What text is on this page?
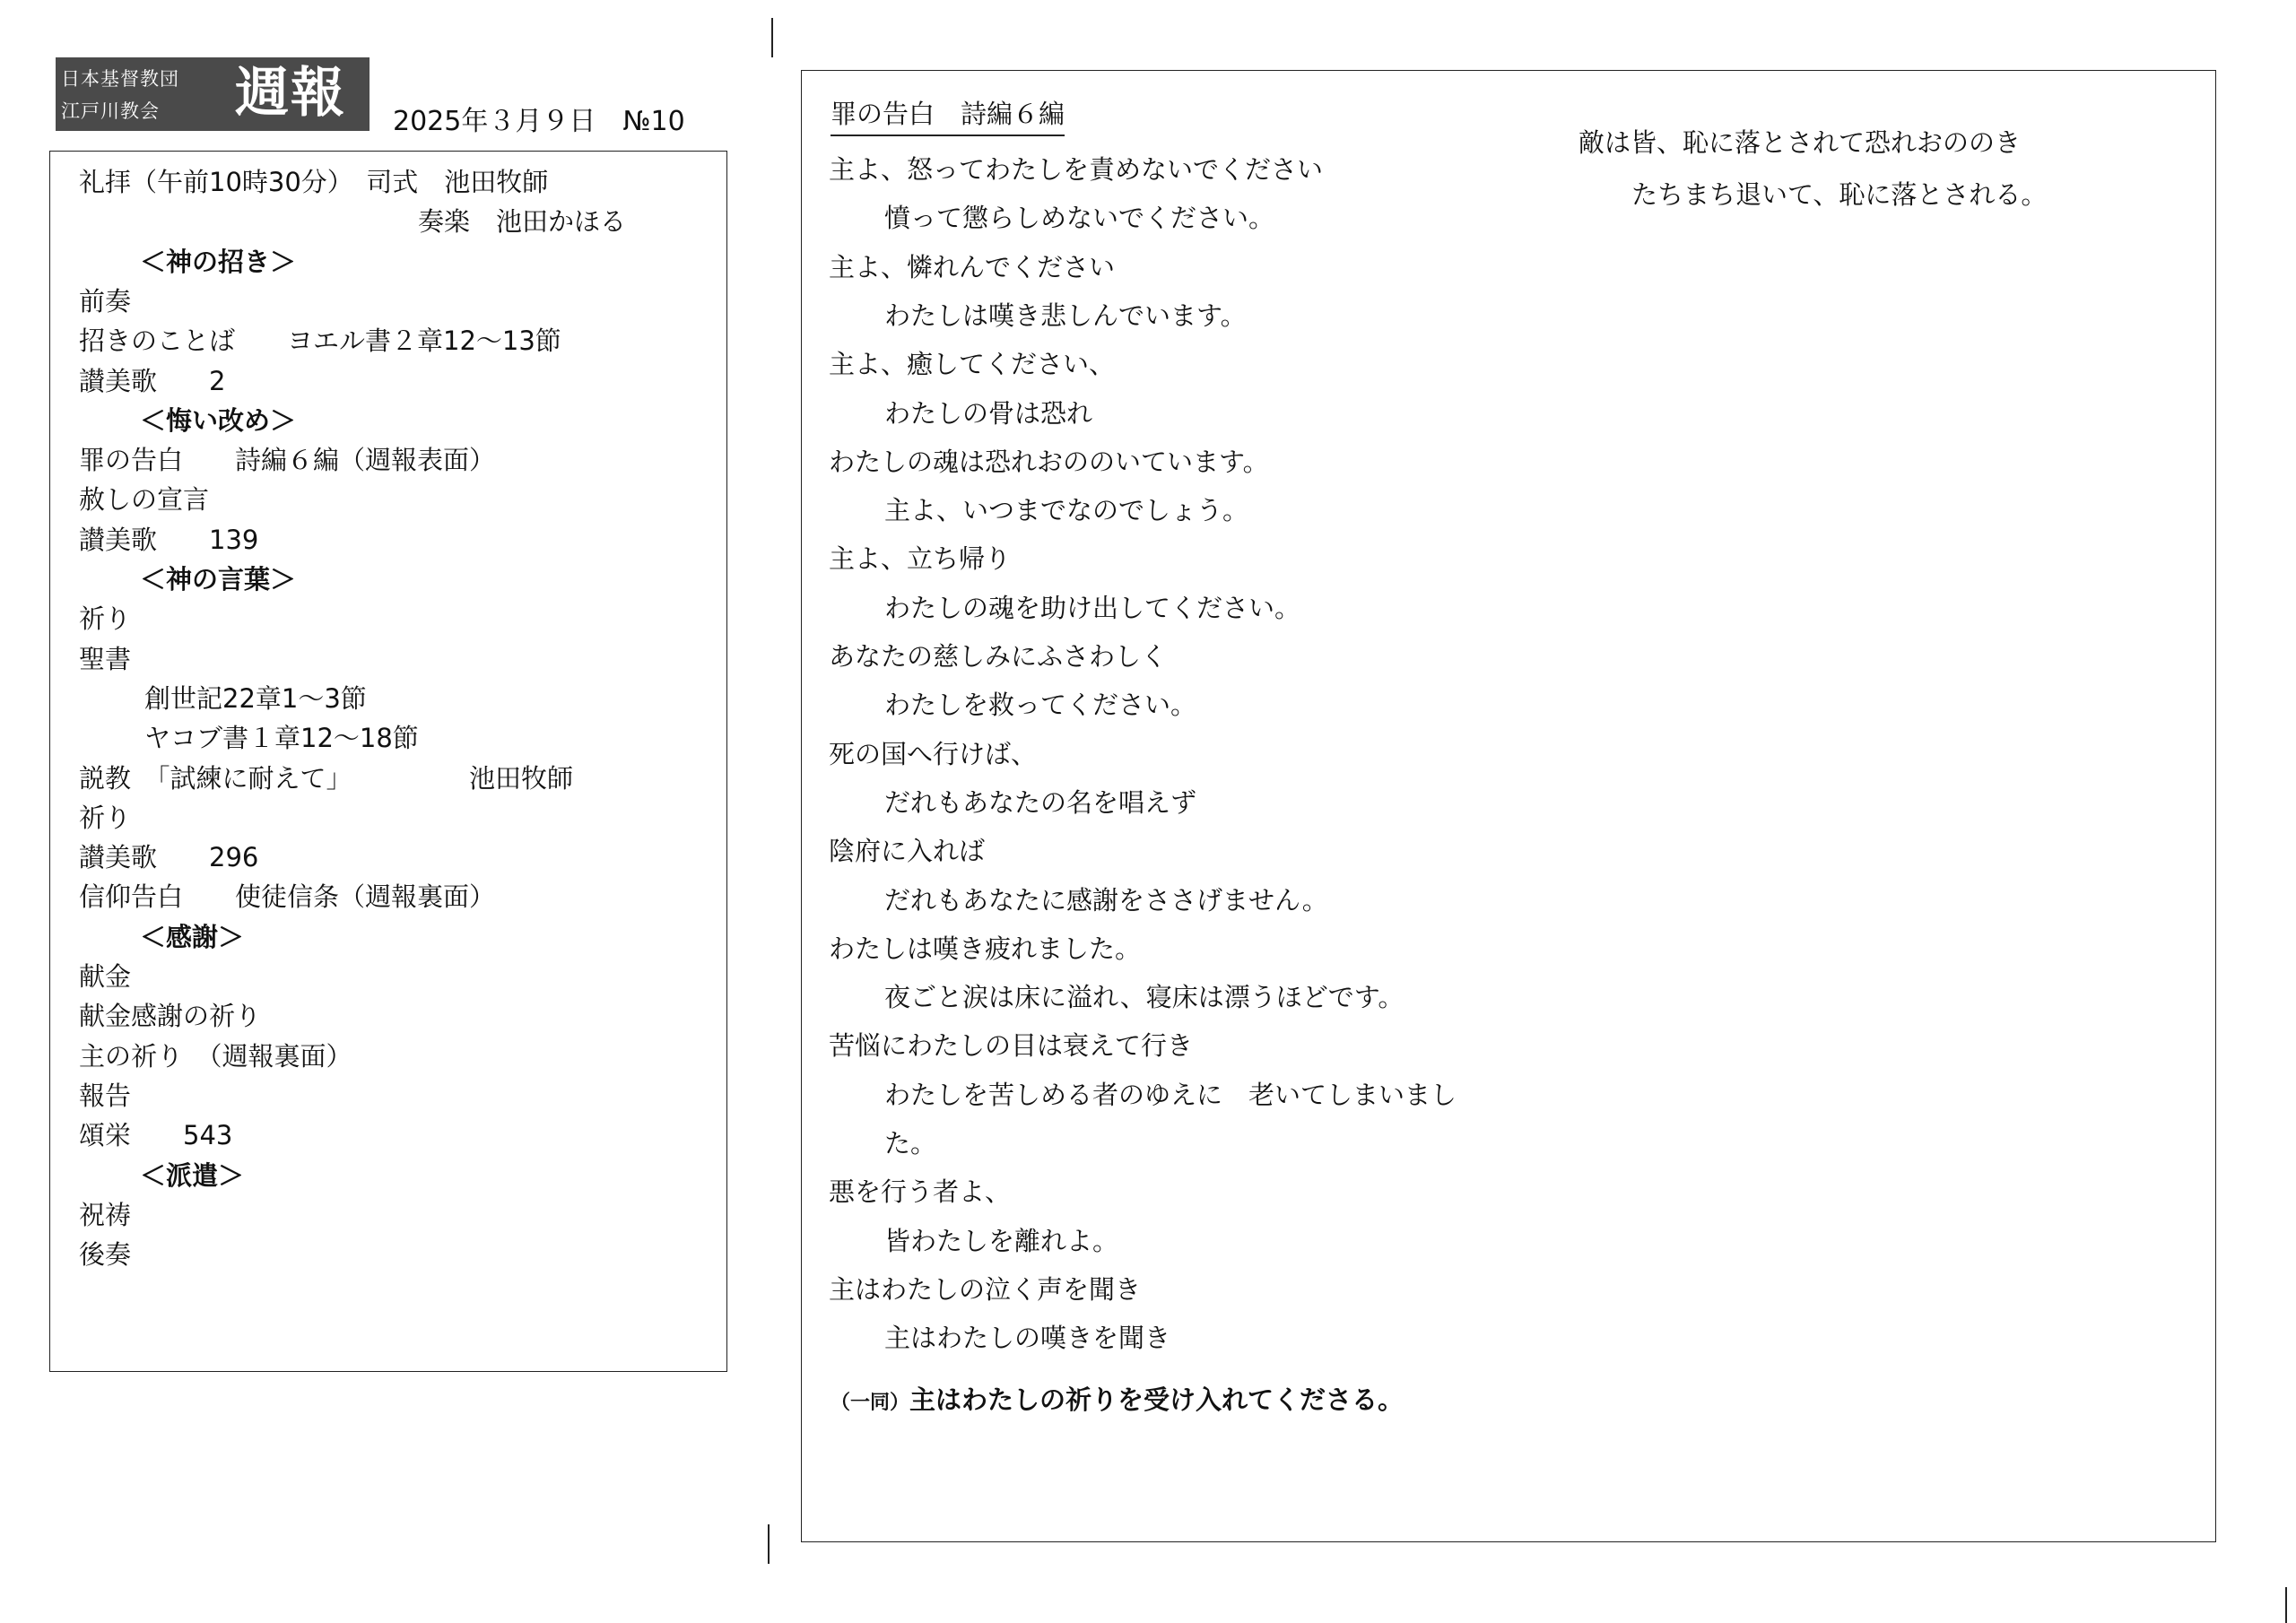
日本基督教団
江戸川教会 週報 2025年３月９日　 №10
礼拝（午前10時30分）　司式　池田牧師
奏楽　池田かほる
＜神の招き＞
前奏
招きのことば　　ヨエル書２章12～13節
讃美歌　　2
＜悔い改め＞
罪の告白　　詩編６編（週報表面）
赦しの宣言
讃美歌　　139
＜神の言葉＞
祈り
聖書
創世記22章1～3節
ヤコブ書１章12～18節
説教　「試練に耐えて」　　　　　池田牧師
祈り
讃美歌　　296
信仰告白　　使徒信条（週報裏面）
＜感謝＞
献金
献金感謝の祈り
主の祈り　（週報裏面）
報告
頌栄　　543
＜派遣＞
祝祷
後奏
罪の告白　詩編６編
主よ、怒ってわたしを責めないでください
憤って懲らしめないでください。
主よ、憐れんでください
わたしは嘆き悲しんでいます。
主よ、癒してください、
わたしの骨は恐れ
わたしの魂は恐れおののいています。
主よ、いつまでなのでしょう。
主よ、立ち帰り
わたしの魂を助け出してください。
あなたの慈しみにふさわしく
わたしを救ってください。
死の国へ行けば、
だれもあなたの名を唱えず
陰府に入れば
だれもあなたに感謝をささげません。
わたしは嘆き疲れました。
夜ごと涙は床に溢れ、寝床は漂うほどです。
苦悩にわたしの目は衰えて行き
わたしを苦しめる者のゆえに　老いてしまいまし
た。
悪を行う者よ、
皆わたしを離れよ。
主はわたしの泣く声を聞き
主はわたしの嘆きを聞き
（一同）主はわたしの祈りを受け入れてくださる。
敵は皆、恥に落とされて恐れおののき
たちまち退いて、恥に落とされる。
